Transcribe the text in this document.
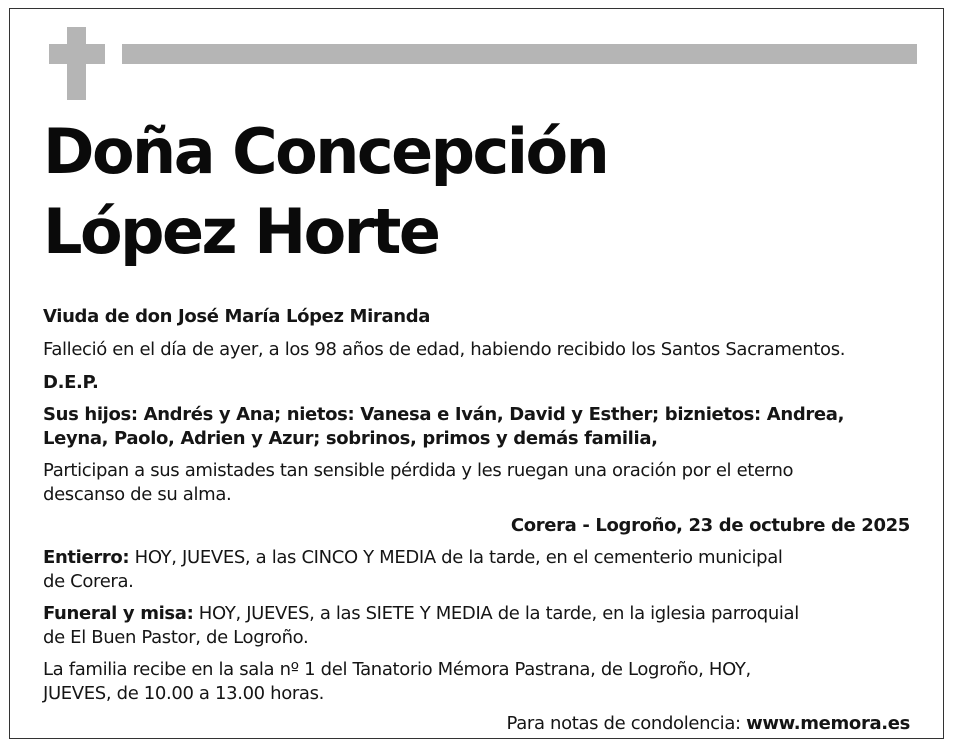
Doña Concepción
López Horte
Viuda de don José María López Miranda
Falleció en el día de ayer, a los 98 años de edad, habiendo recibido los Santos Sacramentos.
D.E.P.
Sus hijos: Andrés y Ana; nietos: Vanesa e Iván, David y Esther; biznietos: Andrea,
Leyna, Paolo, Adrien y Azur; sobrinos, primos y demás familia,
Participan a sus amistades tan sensible pérdida y les ruegan una oración por el eterno
descanso de su alma.
Corera - Logroño, 23 de octubre de 2025
Entierro: HOY, JUEVES, a las CINCO Y MEDIA de la tarde, en el cementerio municipal
de Corera.
Funeral y misa: HOY, JUEVES, a las SIETE Y MEDIA de la tarde, en la iglesia parroquial
de El Buen Pastor, de Logroño.
La familia recibe en la sala nº 1 del Tanatorio Mémora Pastrana, de Logroño, HOY,
JUEVES, de 10.00 a 13.00 horas.
Para notas de condolencia: www.memora.es
